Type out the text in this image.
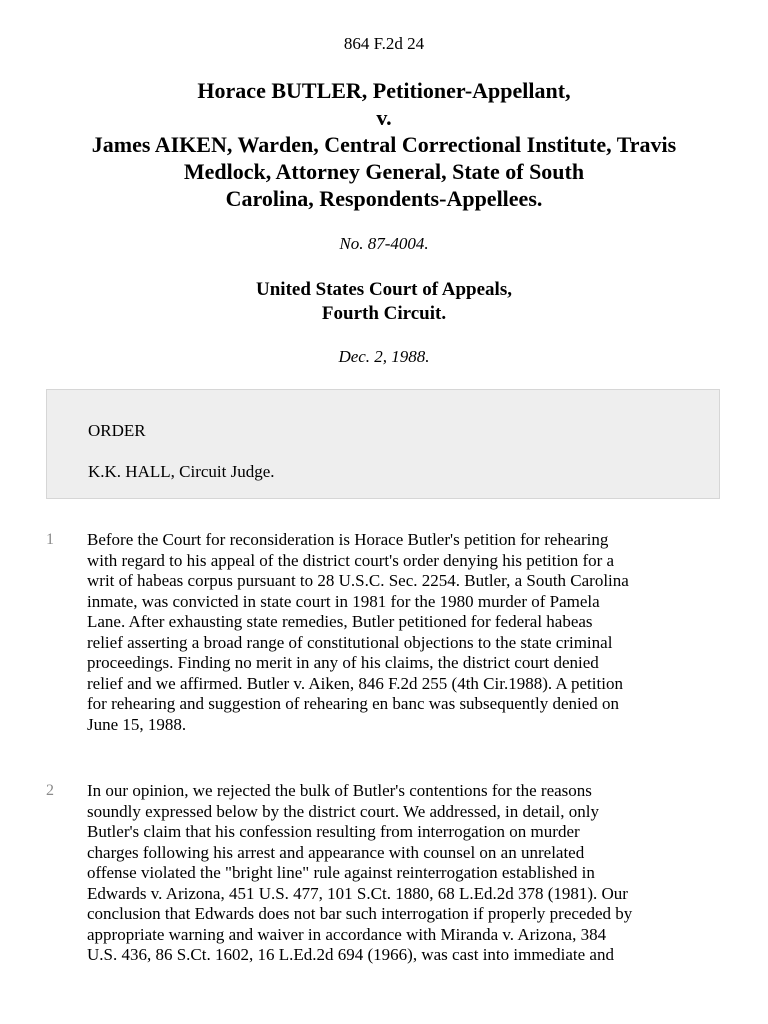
864 F.2d 24
Horace BUTLER, Petitioner-Appellant,
v.
James AIKEN, Warden, Central Correctional Institute, Travis
Medlock, Attorney General, State of South
Carolina, Respondents-Appellees.
No. 87-4004.
United States Court of Appeals,
Fourth Circuit.
Dec. 2, 1988.
ORDER
K.K. HALL, Circuit Judge.
1 Before the Court for reconsideration is Horace Butler's petition for rehearing
with regard to his appeal of the district court's order denying his petition for a
writ of habeas corpus pursuant to 28 U.S.C. Sec. 2254. Butler, a South Carolina
inmate, was convicted in state court in 1981 for the 1980 murder of Pamela
Lane. After exhausting state remedies, Butler petitioned for federal habeas
relief asserting a broad range of constitutional objections to the state criminal
proceedings. Finding no merit in any of his claims, the district court denied
relief and we affirmed. Butler v. Aiken, 846 F.2d 255 (4th Cir.1988). A petition
for rehearing and suggestion of rehearing en banc was subsequently denied on
June 15, 1988.
2 In our opinion, we rejected the bulk of Butler's contentions for the reasons
soundly expressed below by the district court. We addressed, in detail, only
Butler's claim that his confession resulting from interrogation on murder
charges following his arrest and appearance with counsel on an unrelated
offense violated the "bright line" rule against reinterrogation established in
Edwards v. Arizona, 451 U.S. 477, 101 S.Ct. 1880, 68 L.Ed.2d 378 (1981). Our
conclusion that Edwards does not bar such interrogation if properly preceded by
appropriate warning and waiver in accordance with Miranda v. Arizona, 384
U.S. 436, 86 S.Ct. 1602, 16 L.Ed.2d 694 (1966), was cast into immediate and
